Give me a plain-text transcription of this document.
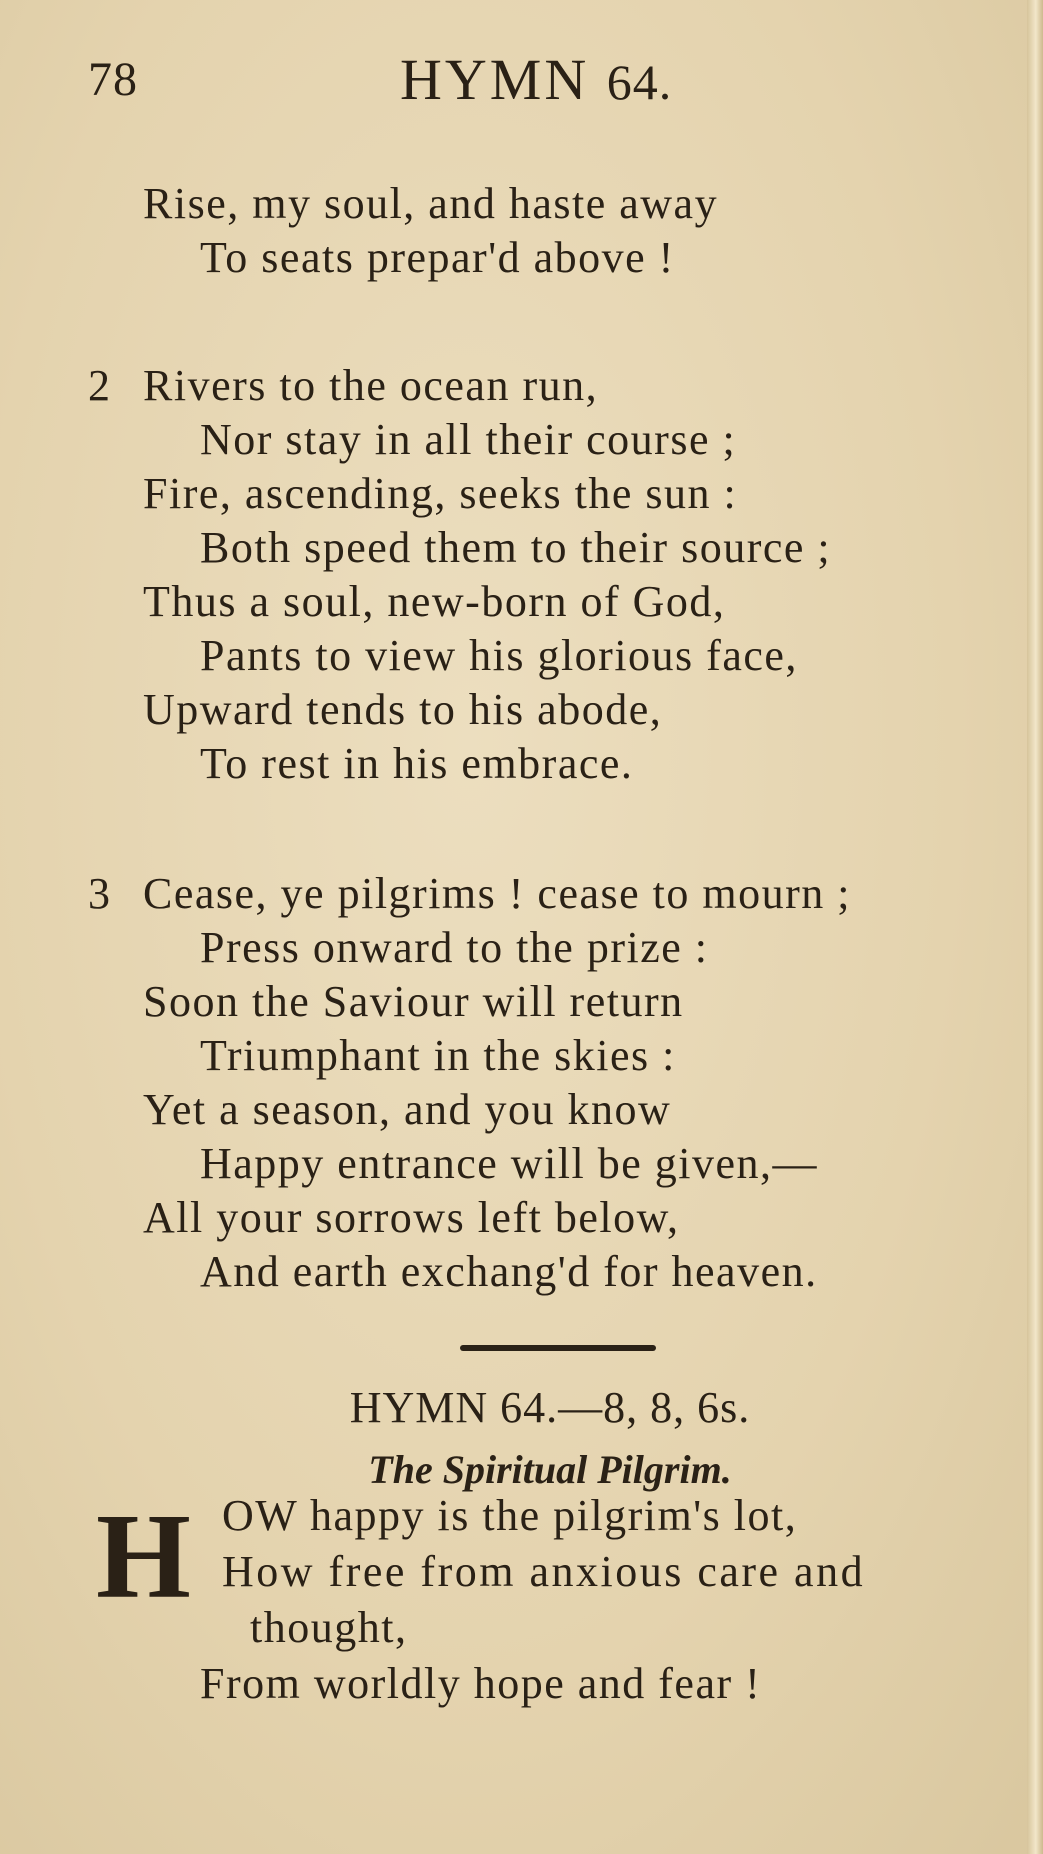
78	HYMN 64.
Rise, my soul, and haste away
To seats prepar'd above !
2 Rivers to the ocean run,
Nor stay in all their course ;
Fire, ascending, seeks the sun :
Both speed them to their source ;
Thus a soul, new-born of God,
Pants to view his glorious face,
Upward tends to his abode,
To rest in his embrace.
3 Cease, ye pilgrims ! cease to mourn ;
Press onward to the prize :
Soon the Saviour will return
Triumphant in the skies :
Yet a season, and you know
Happy entrance will be given,—
All your sorrows left below,
And earth exchang'd for heaven.
HYMN 64.—8, 8, 6s.
The Spiritual Pilgrim.
H OW happy is the pilgrim's lot,
How free from anxious care and
thought,
From worldly hope and fear !
